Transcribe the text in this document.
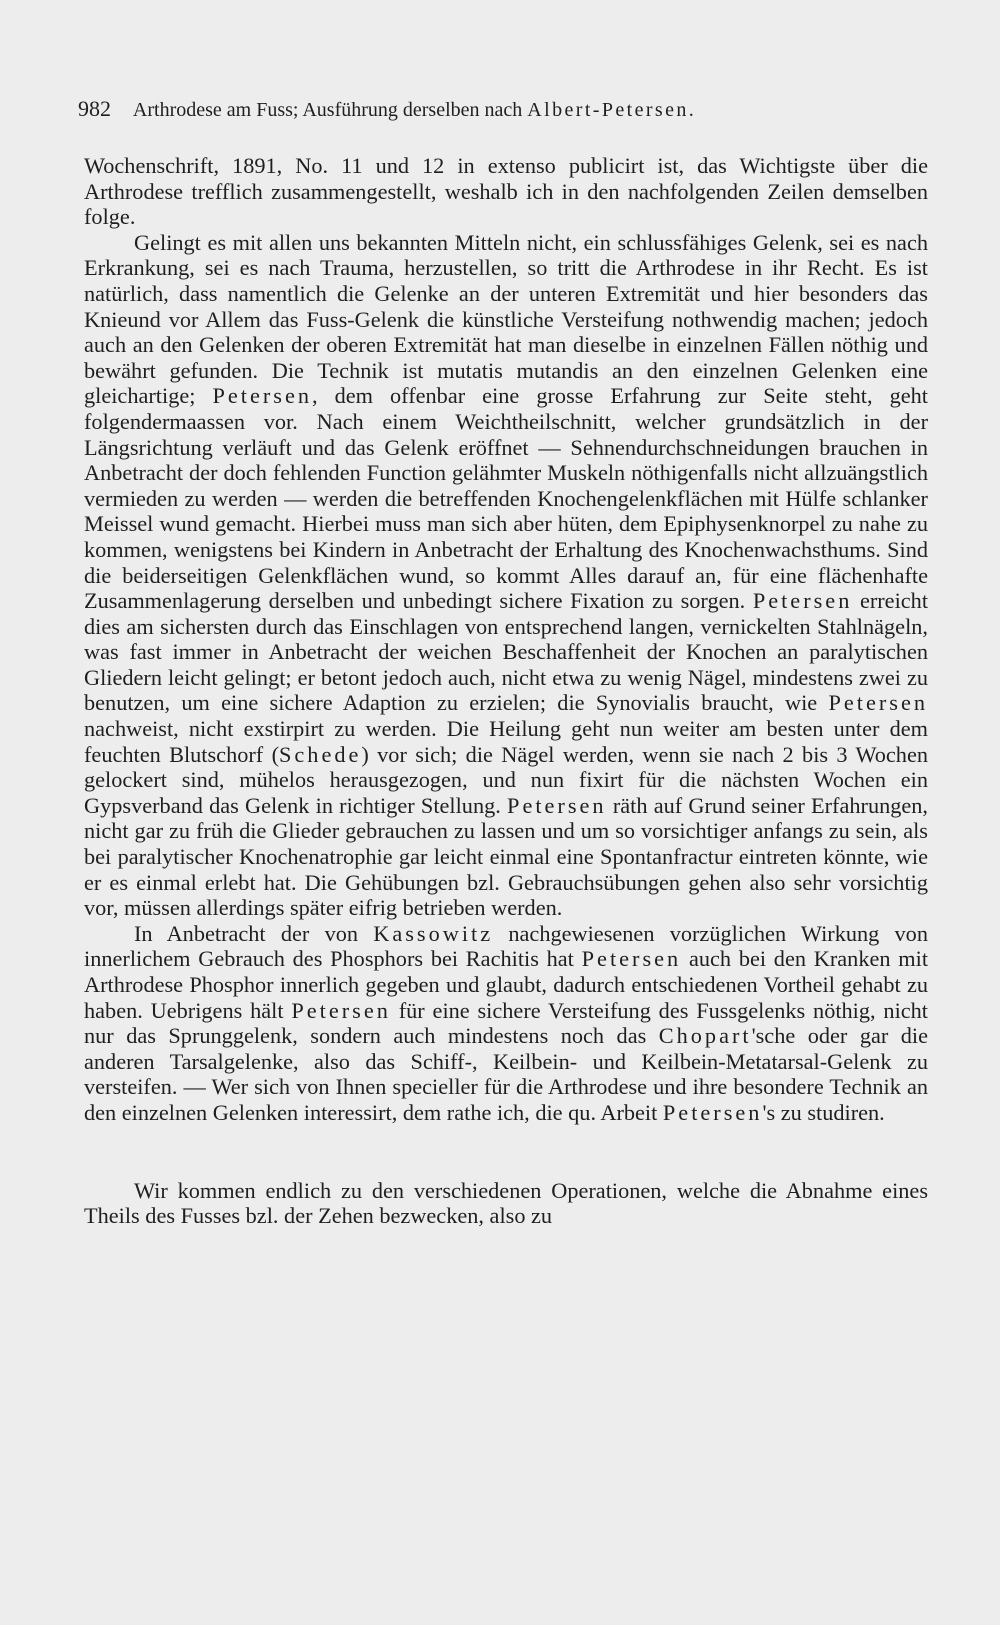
982 Arthrodese am Fuss; Ausführung derselben nach Albert-Petersen.

Wochenschrift, 1891, No. 11 und 12 in extenso publicirt ist, das Wichtigste über die Arthrodese trefflich zusammengestellt, weshalb ich in den nachfolgenden Zeilen demselben folge.

Gelingt es mit allen uns bekannten Mitteln nicht, ein schlussfähiges Gelenk, sei es nach Erkrankung, sei es nach Trauma, herzustellen, so tritt die Arthrodese in ihr Recht. Es ist natürlich, dass namentlich die Gelenke an der unteren Extremität und hier besonders das Knieund vor Allem das Fuss-Gelenk die künstliche Versteifung nothwendig machen; jedoch auch an den Gelenken der oberen Extremität hat man dieselbe in einzelnen Fällen nöthig und bewährt gefunden. Die Technik ist mutatis mutandis an den einzelnen Gelenken eine gleichartige; Petersen, dem offenbar eine grosse Erfahrung zur Seite steht, geht folgendermaassen vor. Nach einem Weichtheilschnitt, welcher grundsätzlich in der Längsrichtung verläuft und das Gelenk eröffnet — Sehnendurchschneidungen brauchen in Anbetracht der doch fehlenden Function gelähmter Muskeln nöthigenfalls nicht allzuängstlich vermieden zu werden — werden die betreffenden Knochengelenkflächen mit Hülfe schlanker Meissel wund gemacht. Hierbei muss man sich aber hüten, dem Epiphysenknorpel zu nahe zu kommen, wenigstens bei Kindern in Anbetracht der Erhaltung des Knochenwachsthums. Sind die beiderseitigen Gelenkflächen wund, so kommt Alles darauf an, für eine flächenhafte Zusammenlagerung derselben und unbedingt sichere Fixation zu sorgen. Petersen erreicht dies am sichersten durch das Einschlagen von entsprechend langen, vernickelten Stahlnägeln, was fast immer in Anbetracht der weichen Beschaffenheit der Knochen an paralytischen Gliedern leicht gelingt; er betont jedoch auch, nicht etwa zu wenig Nägel, mindestens zwei zu benutzen, um eine sichere Adaption zu erzielen; die Synovialis braucht, wie Petersen nachweist, nicht exstirpirt zu werden. Die Heilung geht nun weiter am besten unter dem feuchten Blutschorf (Schede) vor sich; die Nägel werden, wenn sie nach 2 bis 3 Wochen gelockert sind, mühelos herausgezogen, und nun fixirt für die nächsten Wochen ein Gypsverband das Gelenk in richtiger Stellung. Petersen räth auf Grund seiner Erfahrungen, nicht gar zu früh die Glieder gebrauchen zu lassen und um so vorsichtiger anfangs zu sein, als bei paralytischer Knochenatrophie gar leicht einmal eine Spontanfractur eintreten könnte, wie er es einmal erlebt hat. Die Gehübungen bzl. Gebrauchsübungen gehen also sehr vorsichtig vor, müssen allerdings später eifrig betrieben werden.

In Anbetracht der von Kassowitz nachgewiesenen vorzüglichen Wirkung von innerlichem Gebrauch des Phosphors bei Rachitis hat Petersen auch bei den Kranken mit Arthrodese Phosphor innerlich gegeben und glaubt, dadurch entschiedenen Vortheil gehabt zu haben. Uebrigens hält Petersen für eine sichere Versteifung des Fussgelenks nöthig, nicht nur das Sprunggelenk, sondern auch mindestens noch das Chopart'sche oder gar die anderen Tarsalgelenke, also das Schiff-, Keilbein- und Keilbein-Metatarsal-Gelenk zu versteifen. — Wer sich von Ihnen specieller für die Arthrodese und ihre besondere Technik an den einzelnen Gelenken interessirt, dem rathe ich, die qu. Arbeit Petersen's zu studiren.

Wir kommen endlich zu den verschiedenen Operationen, welche die Abnahme eines Theils des Fusses bzl. der Zehen bezwecken, also zu
